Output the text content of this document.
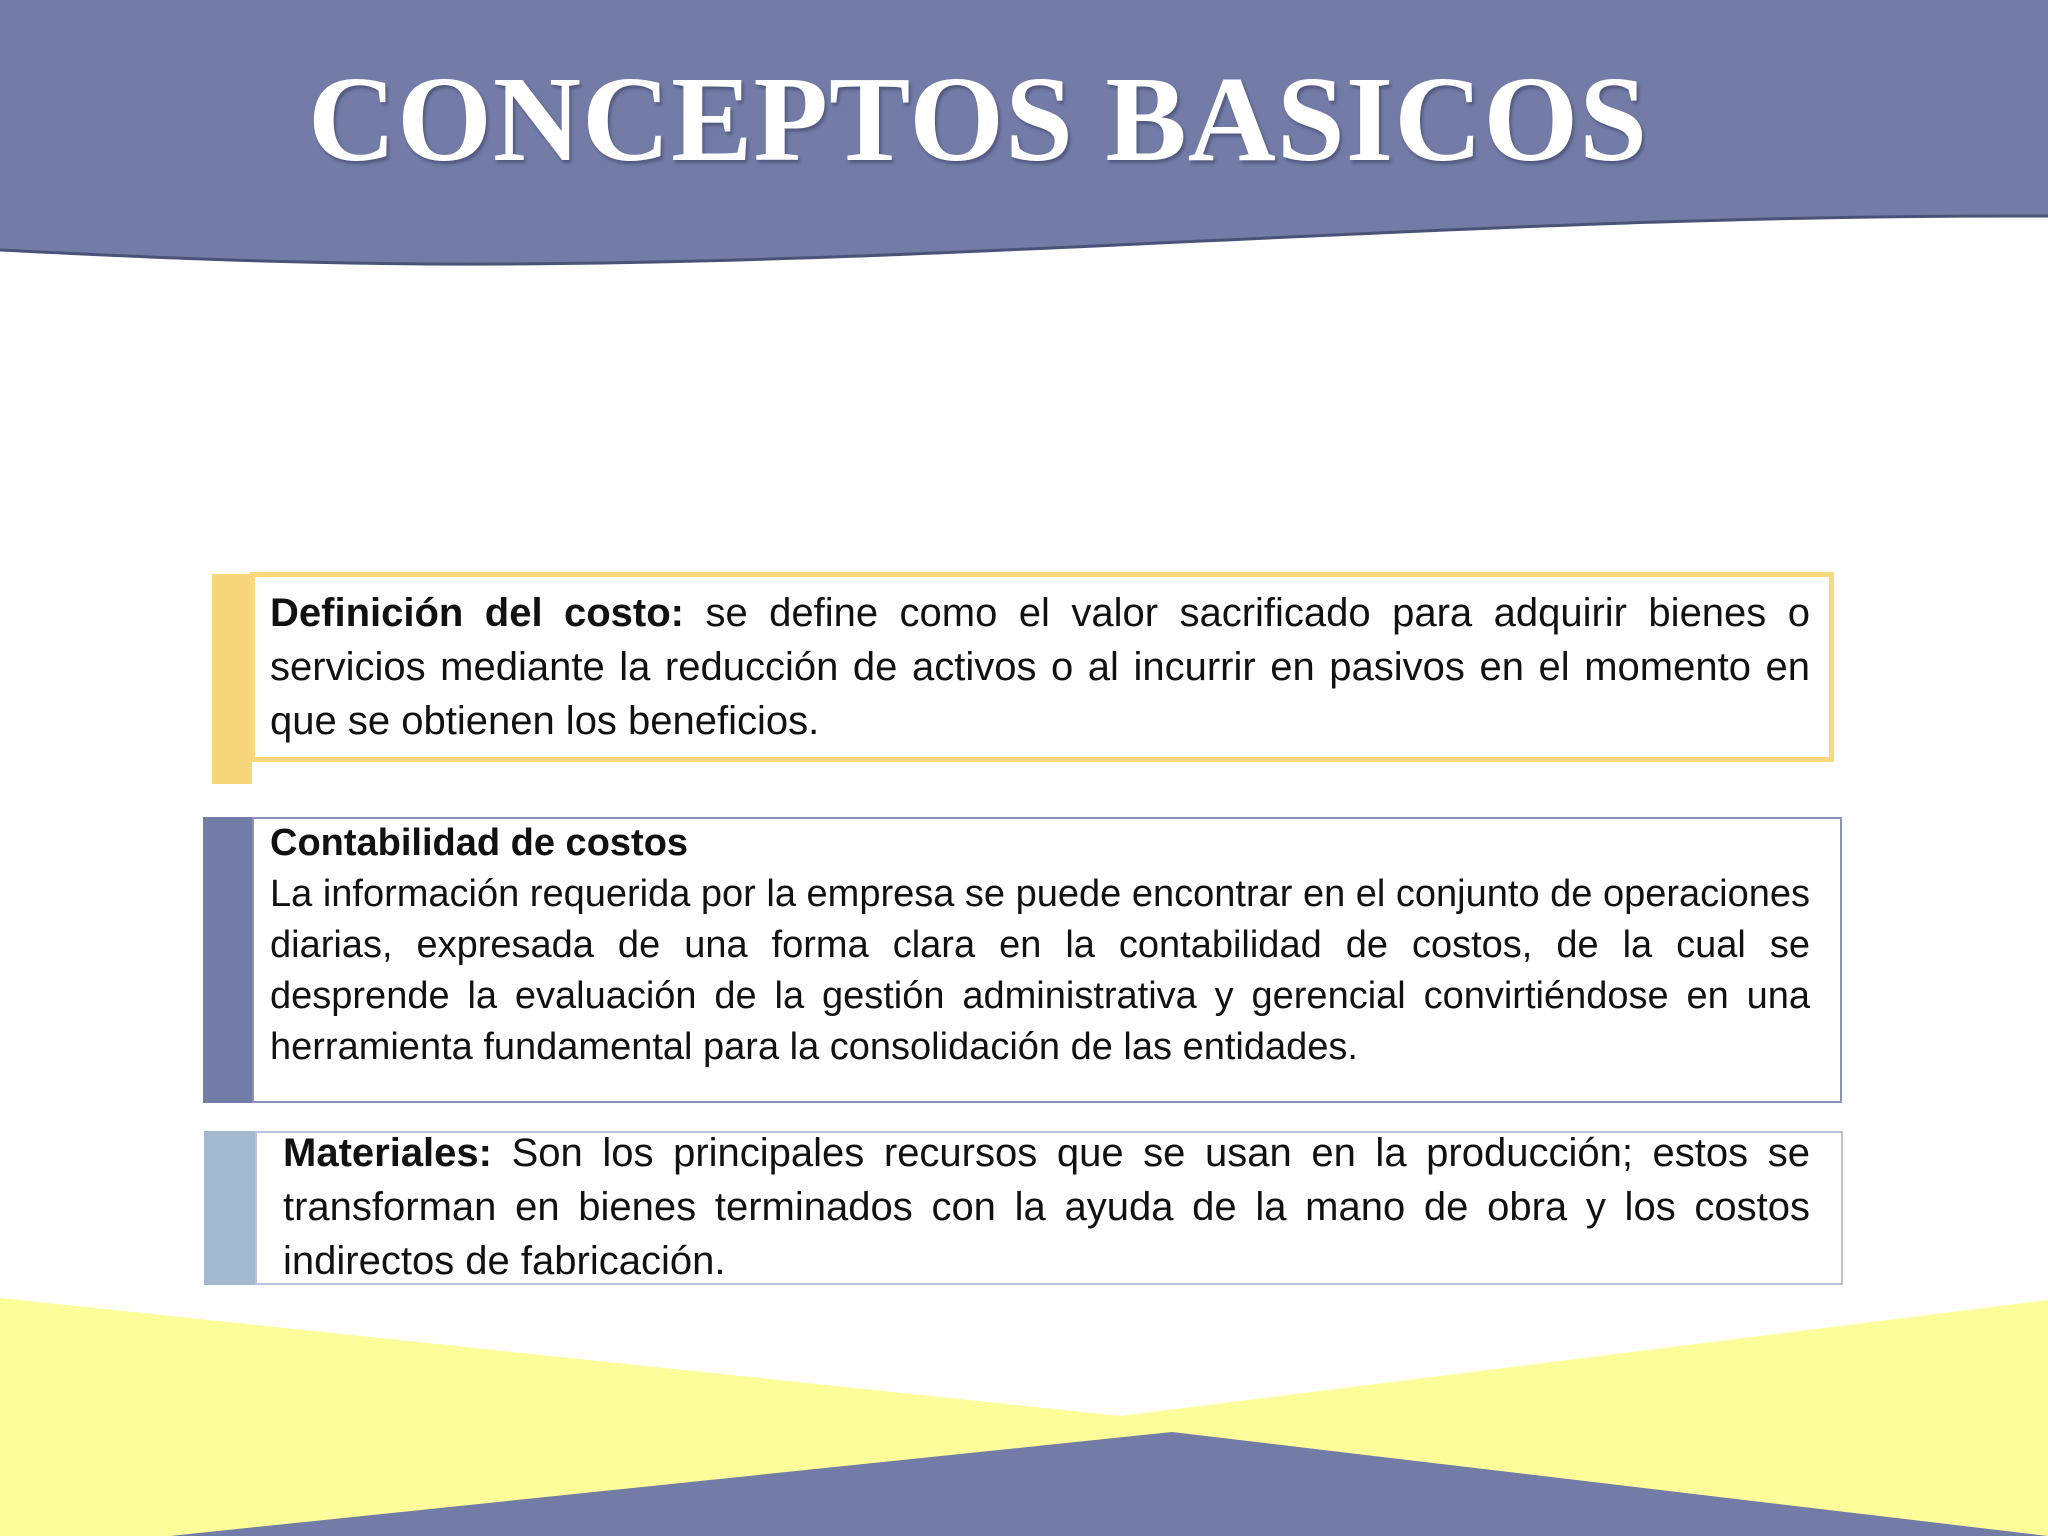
CONCEPTOS BASICOS

Definición del costo: se define como el valor sacrificado para adquirir bienes o servicios mediante la reducción de activos o al incurrir en pasivos en el momento en que se obtienen los beneficios.

Contabilidad de costos
La información requerida por la empresa se puede encontrar en el conjunto de operaciones diarias, expresada de una forma clara en la contabilidad de costos, de la cual se desprende la evaluación de la gestión administrativa y gerencial convirtiéndose en una herramienta fundamental para la consolidación de las entidades.

Materiales: Son los principales recursos que se usan en la producción; estos se transforman en bienes terminados con la ayuda de la mano de obra y los costos indirectos de fabricación.
